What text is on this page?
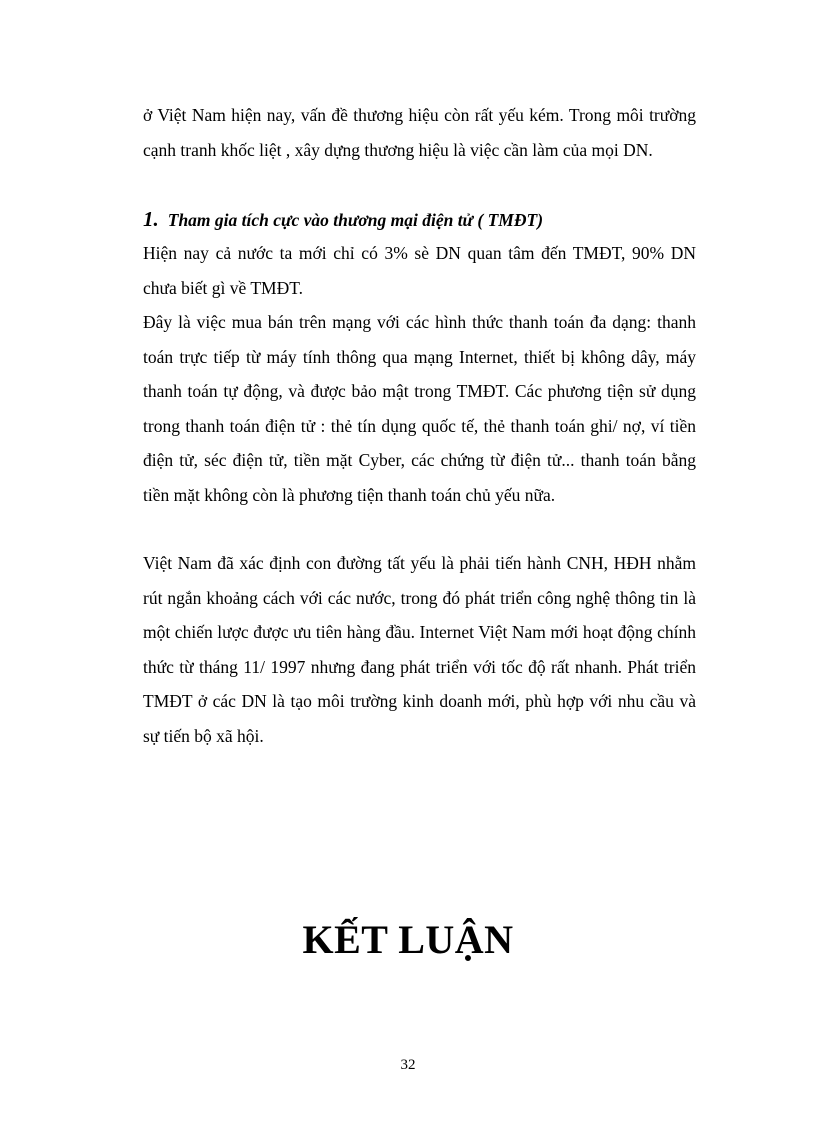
ở Việt Nam hiện nay, vấn đề thương hiệu còn rất yếu kém. Trong môi trường cạnh tranh khốc liệt , xây dựng thương hiệu là việc cần làm của mọi DN.

1. Tham gia tích cực vào thương mại điện tử ( TMĐT)

Hiện nay cả nước ta mới chỉ có 3% sè DN quan tâm đến TMĐT, 90% DN chưa biết gì về TMĐT.

Đây là việc mua bán trên mạng với các hình thức thanh toán đa dạng: thanh toán trực tiếp từ máy tính thông qua mạng Internet, thiết bị không dây, máy thanh toán tự động, và được bảo mật trong TMĐT. Các phương tiện sử dụng trong thanh toán điện tử : thẻ tín dụng quốc tế, thẻ thanh toán ghi/ nợ, ví tiền điện tử, séc điện tử, tiền mặt Cyber, các chứng từ điện tử... thanh toán bằng tiền mặt không còn là phương tiện thanh toán chủ yếu nữa.

Việt Nam đã xác định con đường tất yếu là phải tiến hành CNH, HĐH nhằm rút ngắn khoảng cách với các nước, trong đó phát triển công nghệ thông tin là một chiến lược được ưu tiên hàng đầu. Internet Việt Nam mới hoạt động chính thức từ tháng 11/ 1997 nhưng đang phát triển với tốc độ rất nhanh. Phát triển TMĐT ở các DN là tạo môi trường kinh doanh mới, phù hợp với nhu cầu và sự tiến bộ xã hội.

KẾT LUẬN
32
